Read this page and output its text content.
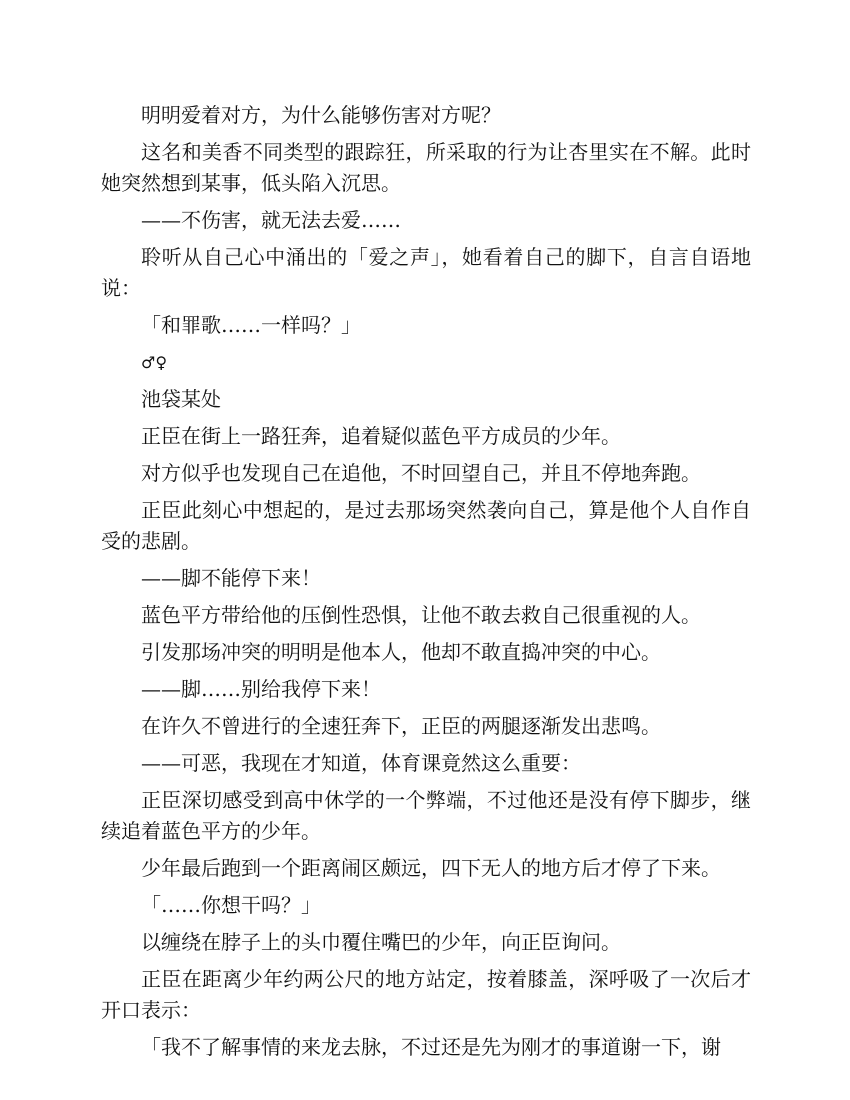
明明爱着对方，为什么能够伤害对方呢？

这名和美香不同类型的跟踪狂，所采取的行为让杏里实在不解。此时她突然想到某事，低头陷入沉思。

——不伤害，就无法去爱……

聆听从自己心中涌出的「爱之声」，她看着自己的脚下，自言自语地说：

「和罪歌……一样吗？」

♂♀

池袋某处

正臣在街上一路狂奔，追着疑似蓝色平方成员的少年。

对方似乎也发现自己在追他，不时回望自己，并且不停地奔跑。

正臣此刻心中想起的，是过去那场突然袭向自己，算是他个人自作自受的悲剧。

——脚不能停下来！

蓝色平方带给他的压倒性恐惧，让他不敢去救自己很重视的人。

引发那场冲突的明明是他本人，他却不敢直捣冲突的中心。

——脚……别给我停下来！

在许久不曾进行的全速狂奔下，正臣的两腿逐渐发出悲鸣。

——可恶，我现在才知道，体育课竟然这么重要：

正臣深切感受到高中休学的一个弊端，不过他还是没有停下脚步，继续追着蓝色平方的少年。

少年最后跑到一个距离闹区颇远，四下无人的地方后才停了下来。

「……你想干吗？」

以缠绕在脖子上的头巾覆住嘴巴的少年，向正臣询问。

正臣在距离少年约两公尺的地方站定，按着膝盖，深呼吸了一次后才开口表示：

「我不了解事情的来龙去脉，不过还是先为刚才的事道谢一下，谢
